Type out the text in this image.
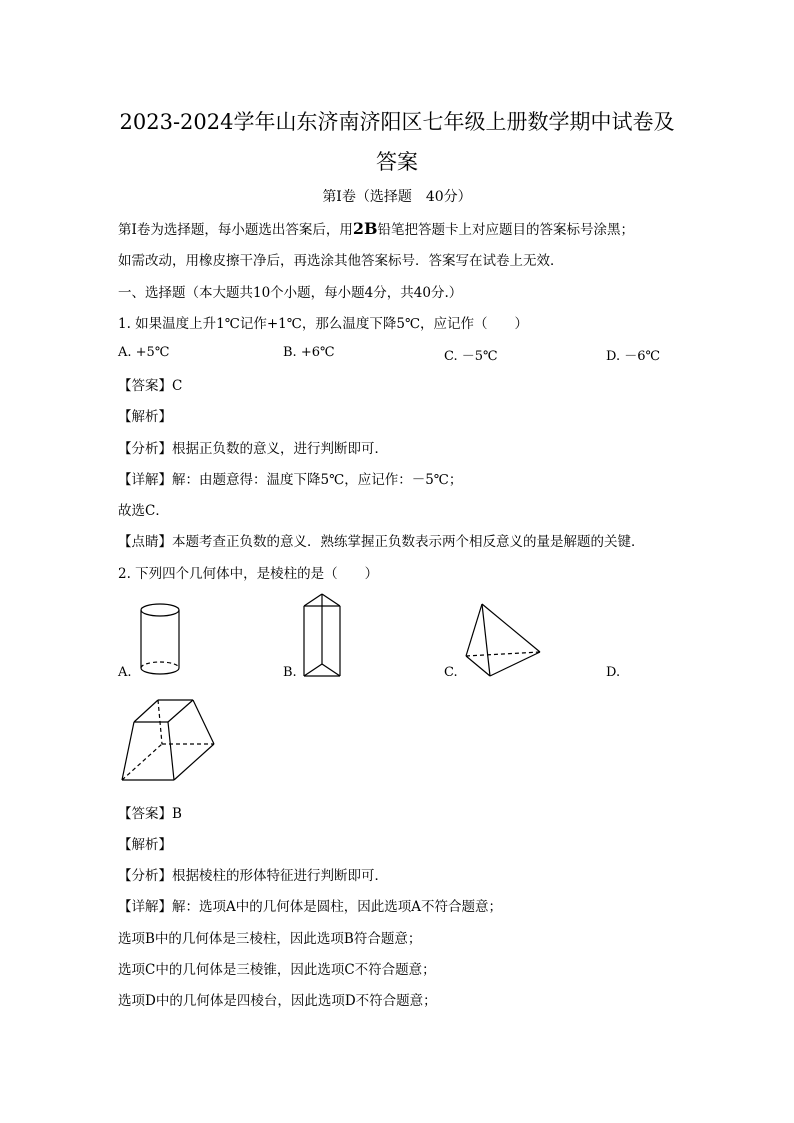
2023-2024学年山东济南济阳区七年级上册数学期中试卷及
答案
第Ⅰ卷（选择题　40分）
第Ⅰ卷为选择题，每小题选出答案后，用2B铅笔把答题卡上对应题目的答案标号涂黑；
如需改动，用橡皮擦干净后，再选涂其他答案标号．答案写在试卷上无效．
一、选择题（本大题共10个小题，每小题4分，共40分.）
1. 如果温度上升1℃记作+1℃，那么温度下降5℃，应记作（　　）
A. +5℃	B. +6℃	C. －5℃	D. －6℃
【答案】C
【解析】
【分析】根据正负数的意义，进行判断即可．
【详解】解：由题意得：温度下降5℃，应记作：－5℃；
故选C．
【点睛】本题考查正负数的意义．熟练掌握正负数表示两个相反意义的量是解题的关键．
2. 下列四个几何体中，是棱柱的是（　　）
A.	B.	C.	D.
【答案】B
【解析】
【分析】根据棱柱的形体特征进行判断即可．
【详解】解：选项A中的几何体是圆柱，因此选项A不符合题意；
选项B中的几何体是三棱柱，因此选项B符合题意；
选项C中的几何体是三棱锥，因此选项C不符合题意；
选项D中的几何体是四棱台，因此选项D不符合题意；
